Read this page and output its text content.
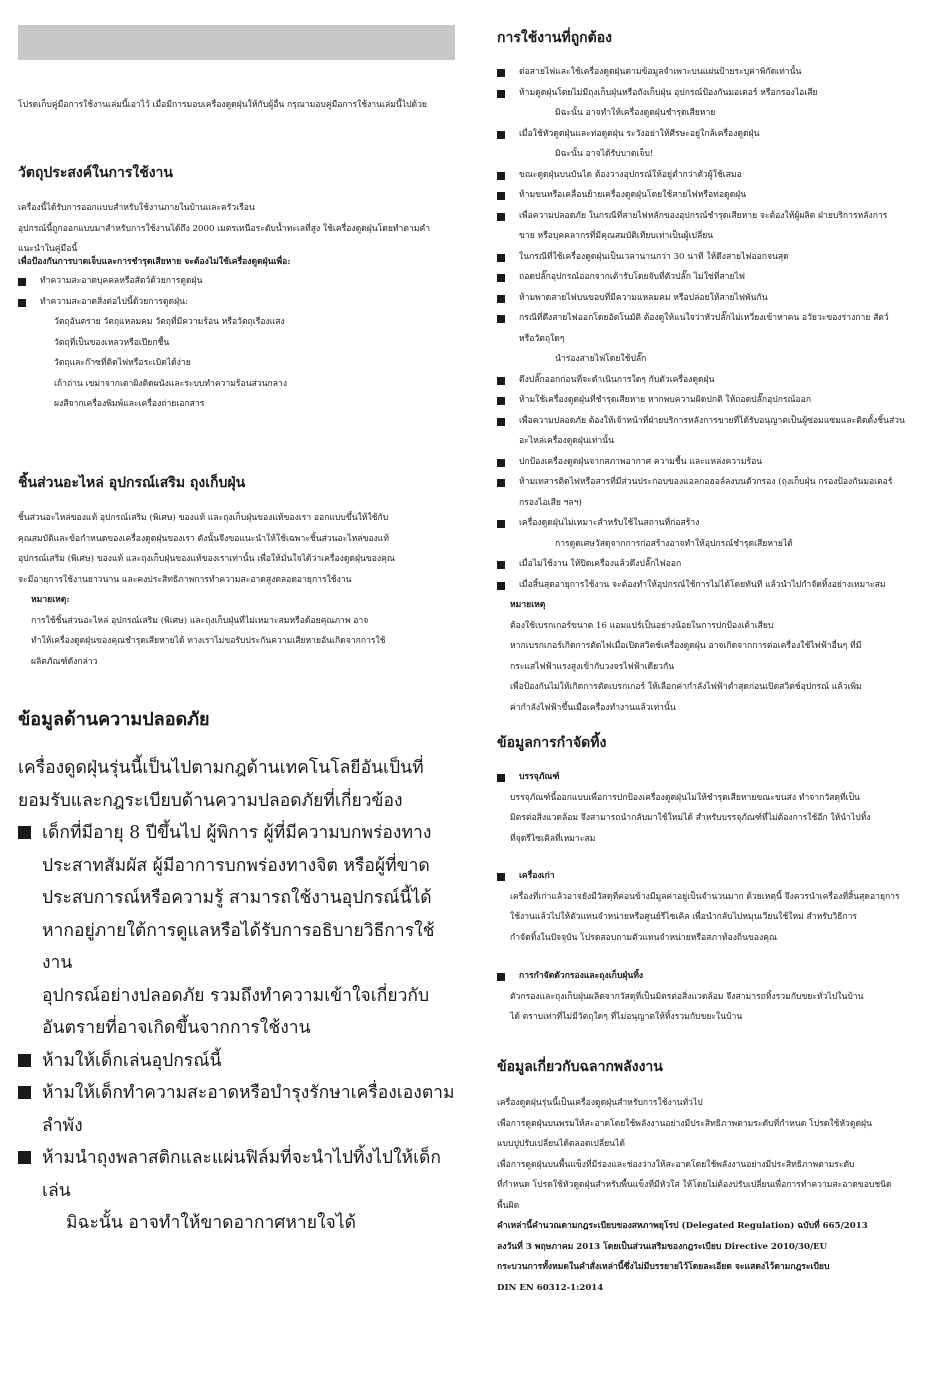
โปรดเก็บคู่มือการใช้งานเล่มนี้เอาไว้ เมื่อมีการมอบเครื่องดูดฝุ่นให้กับผู้อื่น กรุณามอบคู่มือการใช้งานเล่มนี้ไปด้วย
วัตถุประสงค์ในการใช้งาน
เครื่องนี้ได้รับการออกแบบสำหรับใช้งานภายในบ้านและครัวเรือน
อุปกรณ์นี้ถูกออกแบบมาสำหรับการใช้งานได้ถึง 2000 เมตรเหนือระดับน้ำทะเลที่สูง ใช้เครื่องดูดฝุ่นโดยทำตามคำแนะนำในคู่มือนี้
เพื่อป้องกันการบาดเจ็บและการชำรุดเสียหาย จะต้องไม่ใช้เครื่องดูดฝุ่นเพื่อ:
ทำความสะอาดบุคคลหรือสัตว์ด้วยการดูดฝุ่น
ทำความสะอาดสิ่งต่อไปนี้ด้วยการดูดฝุ่น:
วัตถุอันตราย วัตถุแหลมคม วัตถุที่มีความร้อน หรือวัตถุเรืองแสง
วัตถุที่เป็นของเหลวหรือเปียกชื้น
วัตถุและก๊าซที่ติดไฟหรือระเบิดได้ง่าย
เถ้าถ่าน เขม่าจากเตาผิงติดผนังและระบบทำความร้อนส่วนกลาง
ผงสีจากเครื่องพิมพ์และเครื่องถ่ายเอกสาร
ชิ้นส่วนอะไหล่ อุปกรณ์เสริม ถุงเก็บฝุ่น
ชิ้นส่วนอะไหล่ของแท้ อุปกรณ์เสริม (พิเศษ) ของแท้ และถุงเก็บฝุ่นของแท้ของเรา ออกแบบขึ้นให้ใช้กับ
คุณสมบัติและข้อกำหนดของเครื่องดูดฝุ่นของเรา ดังนั้นจึงขอแนะนำให้ใช้เฉพาะชิ้นส่วนอะไหล่ของแท้
อุปกรณ์เสริม (พิเศษ) ของแท้ และถุงเก็บฝุ่นของแท้ของเราเท่านั้น เพื่อให้มั่นใจได้ว่าเครื่องดูดฝุ่นของคุณ
จะมีอายุการใช้งานยาวนาน และคงประสิทธิภาพการทำความสะอาดสูงตลอดอายุการใช้งาน
หมายเหตุ:
การใช้ชิ้นส่วนอะไหล่ อุปกรณ์เสริม (พิเศษ) และถุงเก็บฝุ่นที่ไม่เหมาะสมหรือด้อยคุณภาพ อาจ
ทำให้เครื่องดูดฝุ่นของคุณชำรุดเสียหายได้ ทางเราไม่ขอรับประกันความเสียหายอันเกิดจากการใช้
ผลิตภัณฑ์ดังกล่าว
ข้อมูลด้านความปลอดภัย
เครื่องดูดฝุ่นรุ่นนี้เป็นไปตามกฎด้านเทคโนโลยีอันเป็นที่
ยอมรับและกฎระเบียบด้านความปลอดภัยที่เกี่ยวข้อง
เด็กที่มีอายุ 8 ปีขึ้นไป ผู้พิการ ผู้ที่มีความบกพร่องทาง
ประสาทสัมผัส ผู้มีอาการบกพร่องทางจิต หรือผู้ที่ขาด
ประสบการณ์หรือความรู้ สามารถใช้งานอุปกรณ์นี้ได้
หากอยู่ภายใต้การดูแลหรือได้รับการอธิบายวิธีการใช้งาน
อุปกรณ์อย่างปลอดภัย รวมถึงทำความเข้าใจเกี่ยวกับ
อันตรายที่อาจเกิดขึ้นจากการใช้งาน
ห้ามให้เด็กเล่นอุปกรณ์นี้
ห้ามให้เด็กทำความสะอาดหรือบำรุงรักษาเครื่องเองตาม
ลำพัง
ห้ามนำถุงพลาสติกและแผ่นฟิล์มที่จะนำไปทิ้งไปให้เด็ก
เล่น
มิฉะนั้น อาจทำให้ขาดอากาศหายใจได้
การใช้งานที่ถูกต้อง
ต่อสายไฟและใช้เครื่องดูดฝุ่นตามข้อมูลจำเพาะบนแผ่นป้ายระบุค่าพิกัดเท่านั้น
ห้ามดูดฝุ่นโดยไม่มีถุงเก็บฝุ่นหรือถังเก็บฝุ่น อุปกรณ์ป้องกันมอเตอร์ หรือกรองไอเสีย
มิฉะนั้น อาจทำให้เครื่องดูดฝุ่นชำรุดเสียหาย
เมื่อใช้หัวดูดฝุ่นและท่อดูดฝุ่น ระวังอย่าให้ศีรษะอยู่ใกล้เครื่องดูดฝุ่น
มิฉะนั้น อาจได้รับบาดเจ็บ!
ขณะดูดฝุ่นบนบันได ต้องวางอุปกรณ์ให้อยู่ต่ำกว่าตัวผู้ใช้เสมอ
ห้ามขนหรือเคลื่อนย้ายเครื่องดูดฝุ่นโดยใช้สายไฟหรือท่อดูดฝุ่น
เพื่อความปลอดภัย ในกรณีที่สายไฟหลักของอุปกรณ์ชำรุดเสียหาย จะต้องให้ผู้ผลิต ฝ่ายบริการหลังการ
ขาย หรือบุคคลากรที่มีคุณสมบัติเทียบเท่าเป็นผู้เปลี่ยน
ในกรณีที่ใช้เครื่องดูดฝุ่นเป็นเวลานานกว่า 30 นาที ให้ดึงสายไฟออกจนสุด
ถอดปลั๊กอุปกรณ์ออกจากเต้ารับโดยจับที่ตัวปลั๊ก ไม่ใช่ที่สายไฟ
ห้ามพาดสายไฟบนขอบที่มีความแหลมคม หรือปล่อยให้สายไฟพันกัน
กรณีที่ดึงสายไฟออกโดยอัตโนมัติ ต้องดูให้แน่ใจว่าหัวปลั๊กไม่เหวี่ยงเข้าหาคน อวัยวะของร่างกาย สัตว์
หรือวัตถุใดๆ
นำร่องสายไฟโดยใช้ปลั๊ก
ดึงปลั๊กออกก่อนที่จะดำเนินการใดๆ กับตัวเครื่องดูดฝุ่น
ห้ามใช้เครื่องดูดฝุ่นที่ชำรุดเสียหาย หากพบความผิดปกติ ให้ถอดปลั๊กอุปกรณ์ออก
เพื่อความปลอดภัย ต้องให้เจ้าหน้าที่ฝ่ายบริการหลังการขายที่ได้รับอนุญาตเป็นผู้ซ่อมแซมและติดตั้งชิ้นส่วน
อะไหล่เครื่องดูดฝุ่นเท่านั้น
ปกป้องเครื่องดูดฝุ่นจากสภาพอากาศ ความชื้น และแหล่งความร้อน
ห้ามเทสารติดไฟหรือสารที่มีส่วนประกอบของแอลกอฮอล์ลงบนตัวกรอง (ถุงเก็บฝุ่น กรองป้องกันมอเตอร์
กรองไอเสีย ฯลฯ)
เครื่องดูดฝุ่นไม่เหมาะสำหรับใช้ในสถานที่ก่อสร้าง
การดูดเศษวัสดุจากการก่อสร้างอาจทำให้อุปกรณ์ชำรุดเสียหายได้
เมื่อไม่ใช้งาน ให้ปิดเครื่องแล้วดึงปลั๊กไฟออก
เมื่อสิ้นสุดอายุการใช้งาน จะต้องทำให้อุปกรณ์ใช้การไม่ได้โดยทันที แล้วนำไปกำจัดทิ้งอย่างเหมาะสม
หมายเหตุ
ต้องใช้เบรกเกอร์ขนาด 16 แอมแปร์เป็นอย่างน้อยในการปกป้องเต้าเสียบ
หากเบรกเกอร์เกิดการตัดไฟเมื่อเปิดสวิตช์เครื่องดูดฝุ่น อาจเกิดจากการต่อเครื่องใช้ไฟฟ้าอื่นๆ ที่มี
กระแสไฟฟ้าแรงสูงเข้ากับวงจรไฟฟ้าเดียวกัน
เพื่อป้องกันไม่ให้เกิดการตัดเบรกเกอร์ ให้เลือกค่ากำลังไฟฟ้าต่ำสุดก่อนเปิดสวิตช์อุปกรณ์ แล้วเพิ่ม
ค่ากำลังไฟฟ้าขึ้นเมื่อเครื่องทำงานแล้วเท่านั้น
ข้อมูลการกำจัดทิ้ง
บรรจุภัณฑ์
บรรจุภัณฑ์นี้ออกแบบเพื่อการปกป้องเครื่องดูดฝุ่นไม่ให้ชำรุดเสียหายขณะขนส่ง ทำจากวัสดุที่เป็น
มิตรต่อสิ่งแวดล้อม จึงสามารถนำกลับมาใช้ใหม่ได้ สำหรับบรรจุภัณฑ์ที่ไม่ต้องการใช้อีก ให้นำไปทิ้ง
ที่จุดรีไซเคิลที่เหมาะสม
เครื่องเก่า
เครื่องที่เก่าแล้วอาจยังมีวัสดุที่ค่อนข้างมีมูลค่าอยู่เป็นจำนวนมาก ด้วยเหตุนี้ จึงควรนำเครื่องที่สิ้นสุดอายุการ
ใช้งานแล้วไปให้ตัวแทนจำหน่ายหรือศูนย์รีไซเคิล เพื่อนำกลับไปหมุนเวียนใช้ใหม่ สำหรับวิธีการ
กำจัดทิ้งในปัจจุบัน โปรดสอบถามตัวแทนจำหน่ายหรือสภาท้องถิ่นของคุณ
การกำจัดตัวกรองและถุงเก็บฝุ่นทิ้ง
ตัวกรองและถุงเก็บฝุ่นผลิตจากวัสดุที่เป็นมิตรต่อสิ่งแวดล้อม จึงสามารถทิ้งรวมกับขยะทั่วไปในบ้าน
ได้ ตราบเท่าที่ไม่มีวัตถุใดๆ ที่ไม่อนุญาตให้ทิ้งรวมกับขยะในบ้าน
ข้อมูลเกี่ยวกับฉลากพลังงาน
เครื่องดูดฝุ่นรุ่นนี้เป็นเครื่องดูดฝุ่นสำหรับการใช้งานทั่วไป
เพื่อการดูดฝุ่นบนพรมให้สะอาดโดยใช้พลังงานอย่างมีประสิทธิภาพตามระดับที่กำหนด โปรดใช้หัวดูดฝุ่น
แบบปูปรับเปลี่ยนได้ตลอดเปลี่ยนได้
เพื่อการดูดฝุ่นบนพื้นแข็งที่มีร่องและช่องว่างให้สะอาดโดยใช้พลังงานอย่างมีประสิทธิภาพตามระดับ
ที่กำหนด โปรดใช้หัวดูดฝุ่นสำหรับพื้นแข็งที่มีหัวใส่ ให้โดยไม่ต้องปรับเปลี่ยนเพื่อการทำความสะอาดขอบชนิด
พื้นผิด
คำเหล่านี้คำนวณตามกฎระเบียบของสหภาพยุโรป (Delegated Regulation) ฉบับที่ 665/2013
ลงวันที่ 3 พฤษภาคม 2013 โดยเป็นส่วนเสริมของกฎระเบียบ Directive 2010/30/EU
กระบวนการทั้งหมดในคำสั่งเหล่านี้ซึ่งไม่มีบรรยายไว้โดยละเอียด จะแสดงไว้ตามกฎระเบียบ
DIN EN 60312-1:2014
